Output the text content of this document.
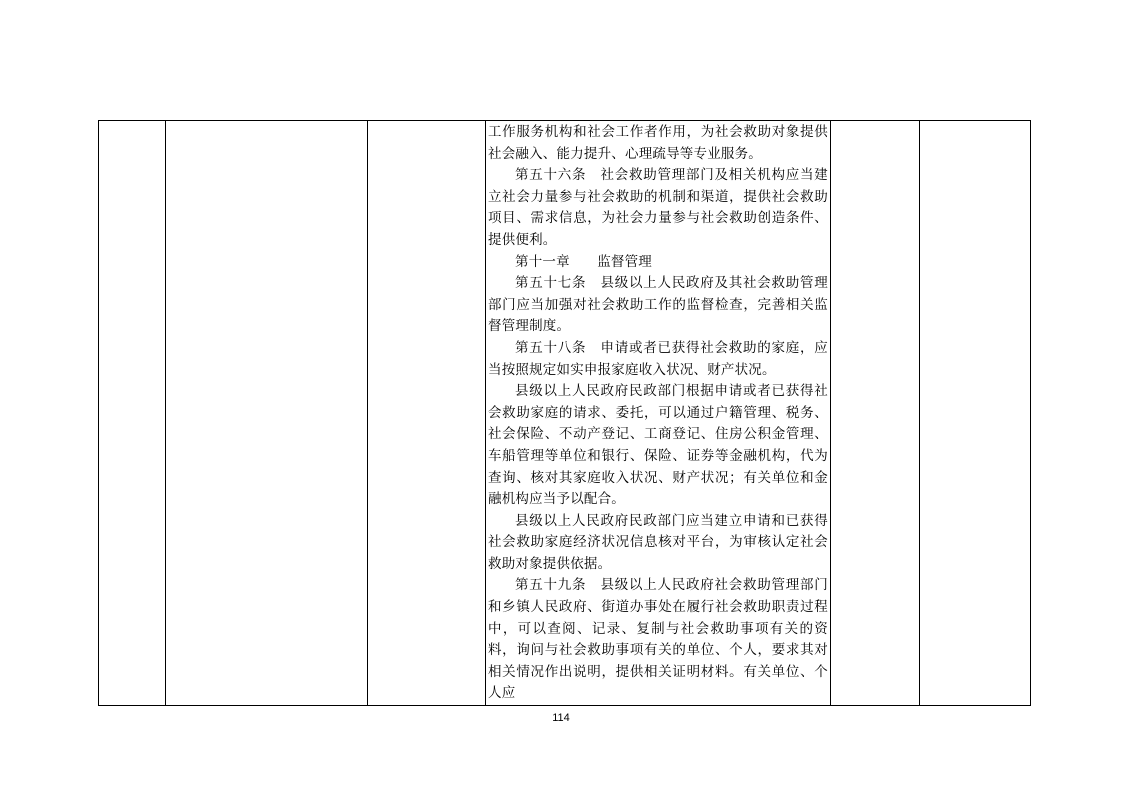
工作服务机构和社会工作者作用，为社会救助对象提供社会融入、能力提升、心理疏导等专业服务。

第五十六条　社会救助管理部门及相关机构应当建立社会力量参与社会救助的机制和渠道，提供社会救助项目、需求信息，为社会力量参与社会救助创造条件、提供便利。

第十一章　　监督管理

第五十七条　县级以上人民政府及其社会救助管理部门应当加强对社会救助工作的监督检查，完善相关监督管理制度。

第五十八条　申请或者已获得社会救助的家庭，应当按照规定如实申报家庭收入状况、财产状况。

县级以上人民政府民政部门根据申请或者已获得社会救助家庭的请求、委托，可以通过户籍管理、税务、社会保险、不动产登记、工商登记、住房公积金管理、车船管理等单位和银行、保险、证券等金融机构，代为查询、核对其家庭收入状况、财产状况；有关单位和金融机构应当予以配合。

县级以上人民政府民政部门应当建立申请和已获得社会救助家庭经济状况信息核对平台，为审核认定社会救助对象提供依据。

第五十九条　县级以上人民政府社会救助管理部门和乡镇人民政府、街道办事处在履行社会救助职责过程中，可以查阅、记录、复制与社会救助事项有关的资料，询问与社会救助事项有关的单位、个人，要求其对相关情况作出说明，提供相关证明材料。有关单位、个人应

114
